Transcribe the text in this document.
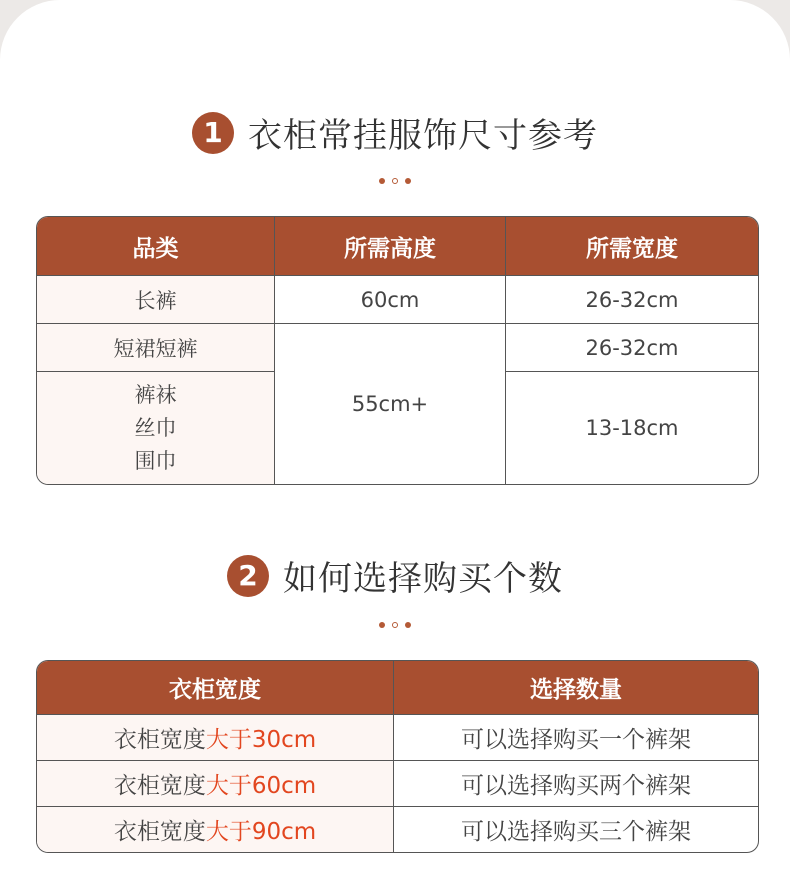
1 衣柜常挂服饰尺寸参考
品类	所需高度	所需宽度
长裤	60cm	26-32cm
短裙短裤	55cm+	26-32cm

裤袜
丝巾
围巾		13-18cm
2 如何选择购买个数
衣柜宽度	选择数量
衣柜宽度大于30cm	可以选择购买一个裤架
衣柜宽度大于60cm	可以选择购买两个裤架
衣柜宽度大于90cm	可以选择购买三个裤架
